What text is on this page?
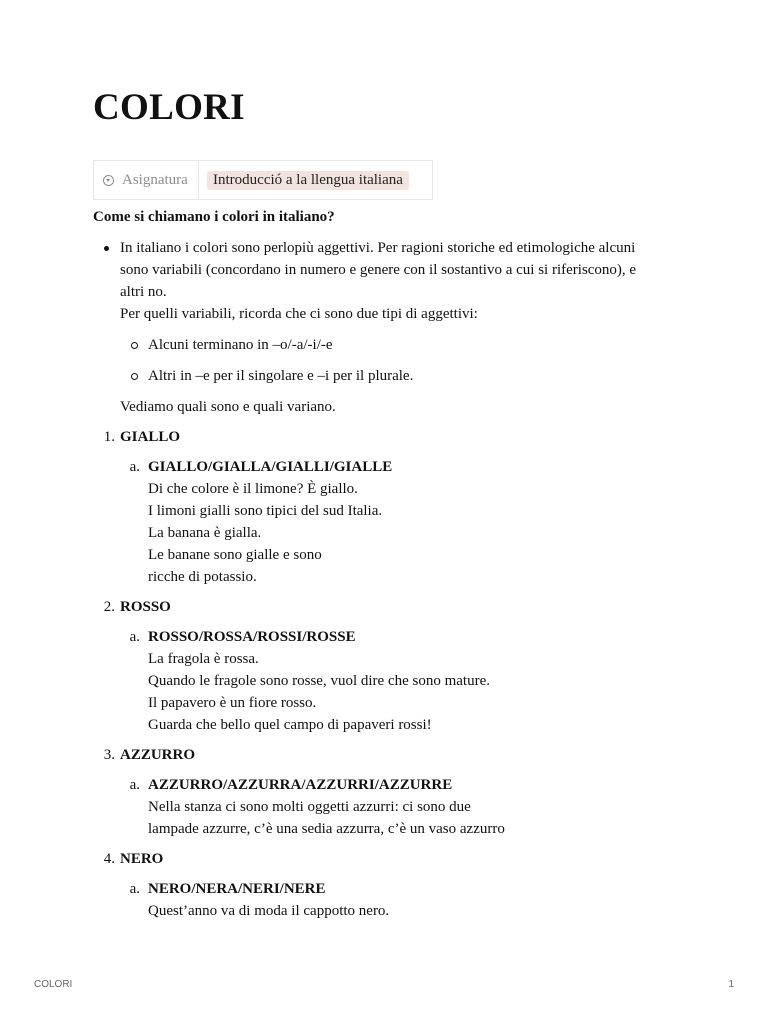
COLORI
Asignatura	Introducció a la llengua italiana

Come si chiamano i colori in italiano?

In italiano i colori sono perlopiù aggettivi. Per ragioni storiche ed etimologiche alcuni
sono variabili (concordano in numero e genere con il sostantivo a cui si riferiscono), e
altri no.
Per quelli variabili, ricorda che ci sono due tipi di aggettivi:
Alcuni terminano in –o/-a/-i/-e
Altri in –e per il singolare e –i per il plurale.

Vediamo quali sono e quali variano.

1. GIALLO
a. GIALLO/GIALLA/GIALLI/GIALLE
Di che colore è il limone? È giallo.
I limoni gialli sono tipici del sud Italia.
La banana è gialla.
Le banane sono gialle e sono
ricche di potassio.
2. ROSSO
a. ROSSO/ROSSA/ROSSI/ROSSE
La fragola è rossa.
Quando le fragole sono rosse, vuol dire che sono mature.
Il papavero è un fiore rosso.
Guarda che bello quel campo di papaveri rossi!
3. AZZURRO
a. AZZURRO/AZZURRA/AZZURRI/AZZURRE
Nella stanza ci sono molti oggetti azzurri: ci sono due
lampade azzurre, c’è una sedia azzurra, c’è un vaso azzurro
4. NERO
a. NERO/NERA/NERI/NERE
Quest’anno va di moda il cappotto nero.
COLORI	1
